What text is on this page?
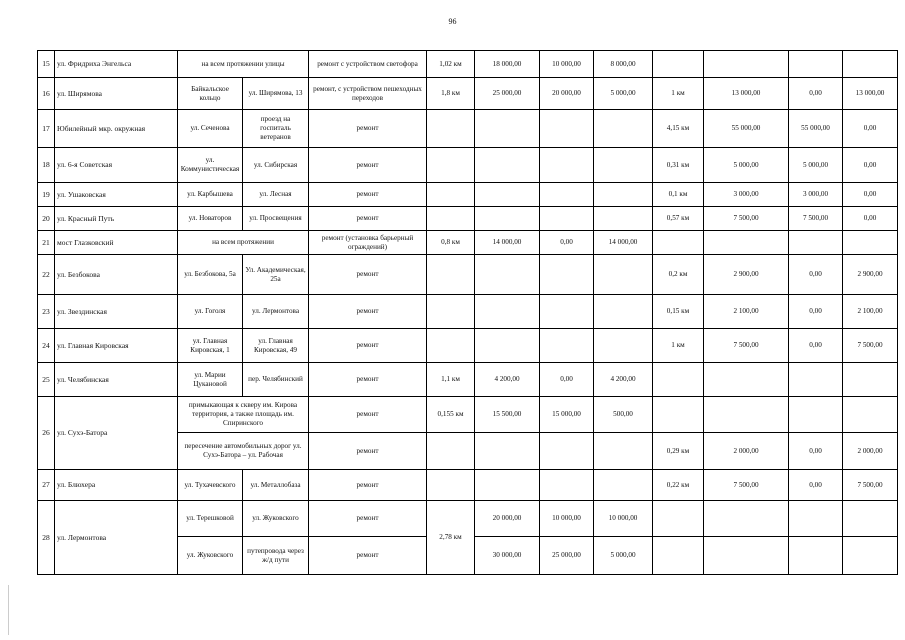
96
15	ул. Фридриха Энгельса	на всем протяжении улицы		ремонт с устройством светофора	1,02 км	18 000,00	10 000,00	8 000,00				
16	ул. Ширямова	Байкальское кольцо	ул. Ширямова, 13	ремонт, с устройством пешеходных переходов	1,8 км	25 000,00	20 000,00	5 000,00	1 км	13 000,00	0,00	13 000,00
17	Юбилейный мкр. окружная	ул. Сеченова	проезд на госпиталь ветеранов	ремонт					4,15 км	55 000,00	55 000,00	0,00
18	ул. 6-я Советская	ул. Коммунистическая	ул. Сибирская	ремонт					0,31 км	5 000,00	5 000,00	0,00
19	ул. Ушаковская	ул. Карбышева	ул. Лесная	ремонт					0,1 км	3 000,00	3 000,00	0,00
20	ул. Красный Путь	ул. Новаторов	ул. Просвещения	ремонт					0,57 км	7 500,00	7 500,00	0,00
21	мост Глазковский	на всем протяжении		ремонт (установка барьерный ограждений)	0,8 км	14 000,00	0,00	14 000,00				
22	ул. Безбокова	ул. Безбокова, 5а	Ул. Академическая, 25а	ремонт					0,2 км	2 900,00	0,00	2 900,00
23	ул. Звездинская	ул. Гоголя	ул. Лермонтова	ремонт					0,15 км	2 100,00	0,00	2 100,00
24	ул. Главная Кировская	ул. Главная Кировская, 1	ул. Главная Кировская, 49	ремонт					1 км	7 500,00	0,00	7 500,00
25	ул. Челябинская	ул. Марии Цукановой	пер. Челябинский	ремонт	1,1 км	4 200,00	0,00	4 200,00				
26	ул. Сухэ-Батора	примыкающая к скверу им. Кирова территория, а также площадь им. Спиринского		ремонт	0,155 км	15 500,00	15 000,00	500,00				
		пересечение автомобильных дорог ул. Сухэ-Батора – ул. Рабочая		ремонт					0,29 км	2 000,00	0,00	2 000,00
27	ул. Блюхера	ул. Тухачевского	ул. Металлобаза	ремонт					0,22 км	7 500,00	0,00	7 500,00
28	ул. Лермонтова	ул. Терешковой	ул. Жуковского	ремонт	2,78 км	20 000,00	10 000,00	10 000,00				
		ул. Жуковского	путепровода через ж/д пути	ремонт		30 000,00	25 000,00	5 000,00				
